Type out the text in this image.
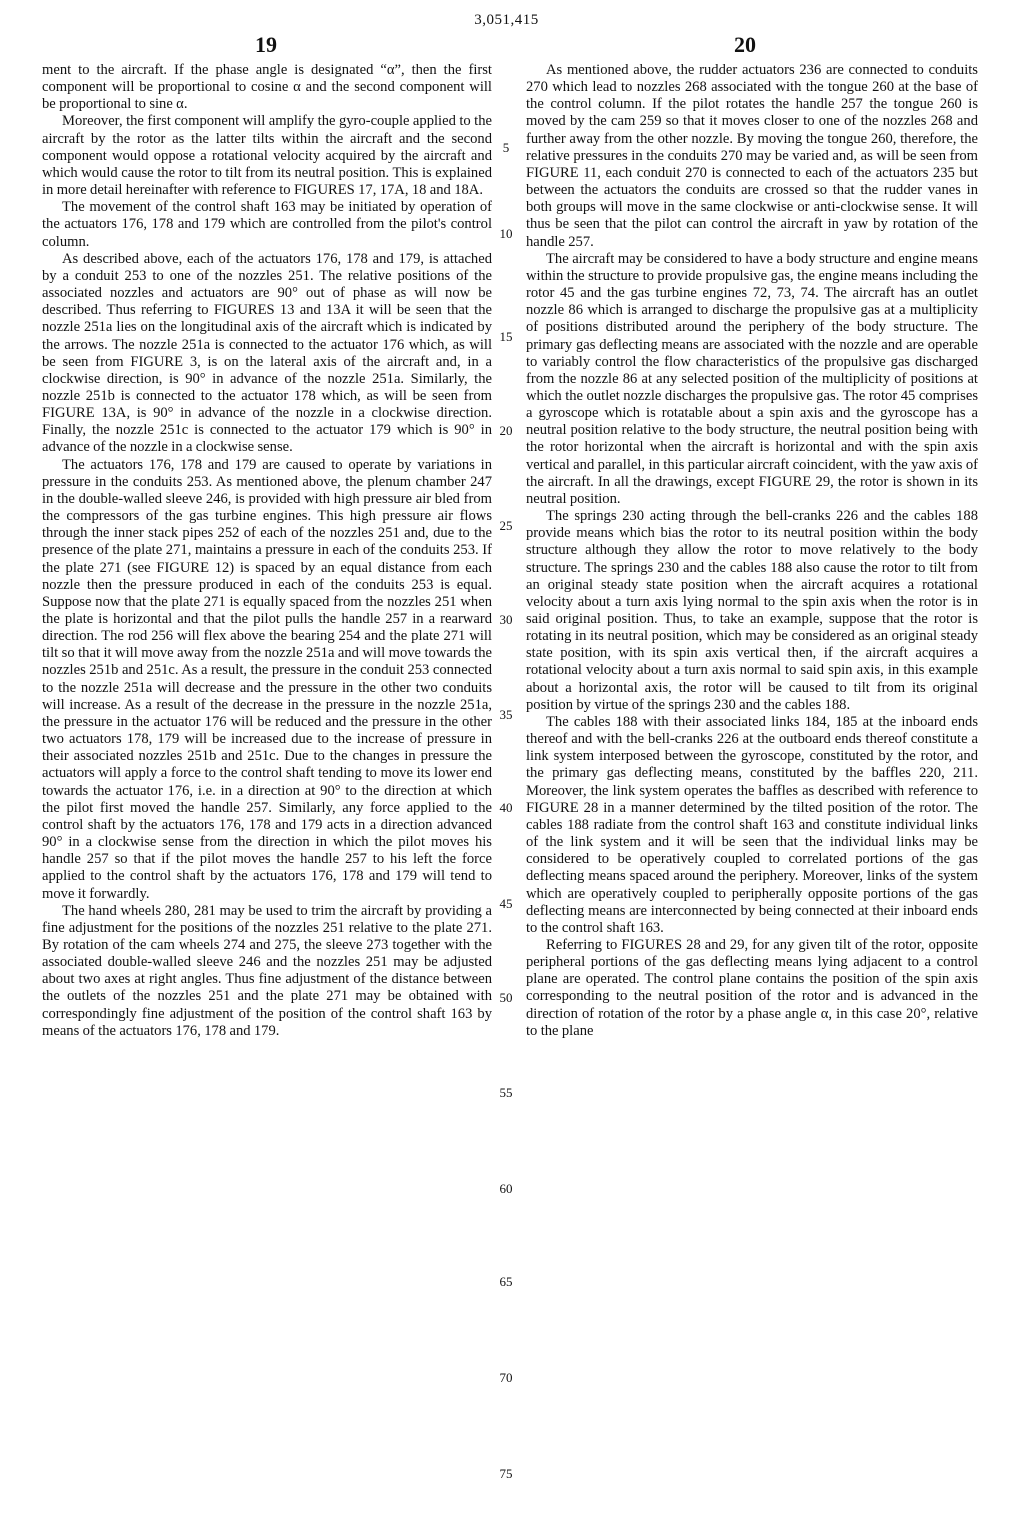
3,051,415
19	20

ment to the aircraft. If the phase angle is designated “α”, then the first component will be proportional to cosine α and the second component will be proportional to sine α.

Moreover, the first component will amplify the gyro-couple applied to the aircraft by the rotor as the latter tilts within the aircraft and the second component would oppose a rotational velocity acquired by the aircraft and which would cause the rotor to tilt from its neutral position. This is explained in more detail hereinafter with reference to FIGURES 17, 17A, 18 and 18A.

The movement of the control shaft 163 may be initiated by operation of the actuators 176, 178 and 179 which are controlled from the pilot's control column.

As described above, each of the actuators 176, 178 and 179, is attached by a conduit 253 to one of the nozzles 251. The relative positions of the associated nozzles and actuators are 90° out of phase as will now be described. Thus referring to FIGURES 13 and 13A it will be seen that the nozzle 251a lies on the longitudinal axis of the aircraft which is indicated by the arrows. The nozzle 251a is connected to the actuator 176 which, as will be seen from FIGURE 3, is on the lateral axis of the aircraft and, in a clockwise direction, is 90° in advance of the nozzle 251a. Similarly, the nozzle 251b is connected to the actuator 178 which, as will be seen from FIGURE 13A, is 90° in advance of the nozzle in a clockwise direction. Finally, the nozzle 251c is connected to the actuator 179 which is 90° in advance of the nozzle in a clockwise sense.

The actuators 176, 178 and 179 are caused to operate by variations in pressure in the conduits 253. As mentioned above, the plenum chamber 247 in the double-walled sleeve 246, is provided with high pressure air bled from the compressors of the gas turbine engines. This high pressure air flows through the inner stack pipes 252 of each of the nozzles 251 and, due to the presence of the plate 271, maintains a pressure in each of the conduits 253. If the plate 271 (see FIGURE 12) is spaced by an equal distance from each nozzle then the pressure produced in each of the conduits 253 is equal. Suppose now that the plate 271 is equally spaced from the nozzles 251 when the plate is horizontal and that the pilot pulls the handle 257 in a rearward direction. The rod 256 will flex above the bearing 254 and the plate 271 will tilt so that it will move away from the nozzle 251a and will move towards the nozzles 251b and 251c. As a result, the pressure in the conduit 253 connected to the nozzle 251a will decrease and the pressure in the other two conduits will increase. As a result of the decrease in the pressure in the nozzle 251a, the pressure in the actuator 176 will be reduced and the pressure in the other two actuators 178, 179 will be increased due to the increase of pressure in their associated nozzles 251b and 251c. Due to the changes in pressure the actuators will apply a force to the control shaft tending to move its lower end towards the actuator 176, i.e. in a direction at 90° to the direction at which the pilot first moved the handle 257. Similarly, any force applied to the control shaft by the actuators 176, 178 and 179 acts in a direction advanced 90° in a clockwise sense from the direction in which the pilot moves his handle 257 so that if the pilot moves the handle 257 to his left the force applied to the control shaft by the actuators 176, 178 and 179 will tend to move it forwardly.

The hand wheels 280, 281 may be used to trim the aircraft by providing a fine adjustment for the positions of the nozzles 251 relative to the plate 271. By rotation of the cam wheels 274 and 275, the sleeve 273 together with the associated double-walled sleeve 246 and the nozzles 251 may be adjusted about two axes at right angles. Thus fine adjustment of the distance between the outlets of the nozzles 251 and the plate 271 may be obtained with correspondingly fine adjustment of the position of the control shaft 163 by means of the actuators 176, 178 and 179.

As mentioned above, the rudder actuators 236 are connected to conduits 270 which lead to nozzles 268 associated with the tongue 260 at the base of the control column. If the pilot rotates the handle 257 the tongue 260 is moved by the cam 259 so that it moves closer to one of the nozzles 268 and further away from the other nozzle. By moving the tongue 260, therefore, the relative pressures in the conduits 270 may be varied and, as will be seen from FIGURE 11, each conduit 270 is connected to each of the actuators 235 but between the actuators the conduits are crossed so that the rudder vanes in both groups will move in the same clockwise or anti-clockwise sense. It will thus be seen that the pilot can control the aircraft in yaw by rotation of the handle 257.

The aircraft may be considered to have a body structure and engine means within the structure to provide propulsive gas, the engine means including the rotor 45 and the gas turbine engines 72, 73, 74. The aircraft has an outlet nozzle 86 which is arranged to discharge the propulsive gas at a multiplicity of positions distributed around the periphery of the body structure. The primary gas deflecting means are associated with the nozzle and are operable to variably control the flow characteristics of the propulsive gas discharged from the nozzle 86 at any selected position of the multiplicity of positions at which the outlet nozzle discharges the propulsive gas. The rotor 45 comprises a gyroscope which is rotatable about a spin axis and the gyroscope has a neutral position relative to the body structure, the neutral position being with the rotor horizontal when the aircraft is horizontal and with the spin axis vertical and parallel, in this particular aircraft coincident, with the yaw axis of the aircraft. In all the drawings, except FIGURE 29, the rotor is shown in its neutral position.

The springs 230 acting through the bell-cranks 226 and the cables 188 provide means which bias the rotor to its neutral position within the body structure although they allow the rotor to move relatively to the body structure. The springs 230 and the cables 188 also cause the rotor to tilt from an original steady state position when the aircraft acquires a rotational velocity about a turn axis lying normal to the spin axis when the rotor is in said original position. Thus, to take an example, suppose that the rotor is rotating in its neutral position, which may be considered as an original steady state position, with its spin axis vertical then, if the aircraft acquires a rotational velocity about a turn axis normal to said spin axis, in this example about a horizontal axis, the rotor will be caused to tilt from its original position by virtue of the springs 230 and the cables 188.

The cables 188 with their associated links 184, 185 at the inboard ends thereof and with the bell-cranks 226 at the outboard ends thereof constitute a link system interposed between the gyroscope, constituted by the rotor, and the primary gas deflecting means, constituted by the baffles 220, 211. Moreover, the link system operates the baffles as described with reference to FIGURE 28 in a manner determined by the tilted position of the rotor. The cables 188 radiate from the control shaft 163 and constitute individual links of the link system and it will be seen that the individual links may be considered to be operatively coupled to correlated portions of the gas deflecting means spaced around the periphery. Moreover, links of the system which are operatively coupled to peripherally opposite portions of the gas deflecting means are interconnected by being connected at their inboard ends to the control shaft 163.

Referring to FIGURES 28 and 29, for any given tilt of the rotor, opposite peripheral portions of the gas deflecting means lying adjacent to a control plane are operated. The control plane contains the position of the spin axis corresponding to the neutral position of the rotor and is advanced in the direction of rotation of the rotor by a phase angle α, in this case 20°, relative to the plane

5
10
15
20
25
30
35
40
45
50
55
60
65
70
75
